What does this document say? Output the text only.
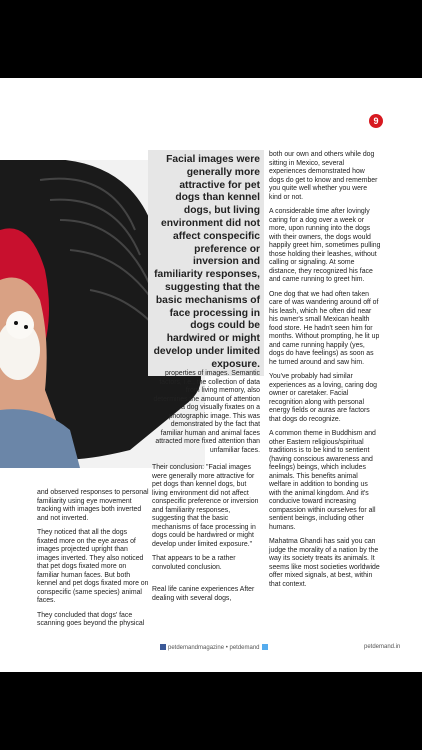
9
Facial images were generally more attractive for pet dogs than kennel dogs, but living environment did not affect conspecific preference or inversion and familiarity responses, suggesting that the basic mechanisms of face processing in dogs could be hardwired or might develop under limited exposure.

and observed responses to personal familiarity using eye movement tracking with images both inverted and not inverted.

They noticed that all the dogs fixated more on the eye areas of images projected upright than images inverted. They also noticed that pet dogs fixated more on familiar human faces. But both kennel and pet dogs fixated more on conspecific (same species) animal faces.

They concluded that dogs' face scanning goes beyond the physical

properties of images. Semantic factors, i.e., the collection of data from living memory, also determines the amount of attention a dog visually fixates on a photographic image. This was demonstrated by the fact that familiar human and animal faces attracted more fixed attention than unfamiliar faces.

Their conclusion: "Facial images were generally more attractive for pet dogs than kennel dogs, but living environment did not affect conspecific preference or inversion and familiarity responses, suggesting that the basic mechanisms of face processing in dogs could be hardwired or might develop under limited exposure."

That appears to be a rather convoluted conclusion.

Real life canine experiences After dealing with several dogs,

both our own and others while dog sitting in Mexico, several experiences demonstrated how dogs do get to know and remember you quite well whether you were kind or not.

A considerable time after lovingly caring for a dog over a week or more, upon running into the dogs with their owners, the dogs would happily greet him, sometimes pulling those holding their leashes, without calling or signaling. At some distance, they recognized his face and came running to greet him.

One dog that we had often taken care of was wandering around off of his leash, which he often did near his owner's small Mexican health food store. He hadn't seen him for months. Without prompting, he lit up and came running happily (yes, dogs do have feelings) as soon as he turned around and saw him.

You've probably had similar experiences as a loving, caring dog owner or caretaker. Facial recognition along with personal energy fields or auras are factors that dogs do recognize.

A common theme in Buddhism and other Eastern religious/spiritual traditions is to be kind to sentient (having conscious awareness and feelings) beings, which includes animals. This benefits animal welfare in addition to bonding us with the animal kingdom. And it's conducive toward increasing compassion within ourselves for all sentient beings, including other humans.

Mahatma Ghandi has said you can judge the morality of a nation by the way its society treats its animals. It seems like most societies worldwide offer mixed signals, at best, within that context.

petdemandmagazine • petdemand	petdemand.in
